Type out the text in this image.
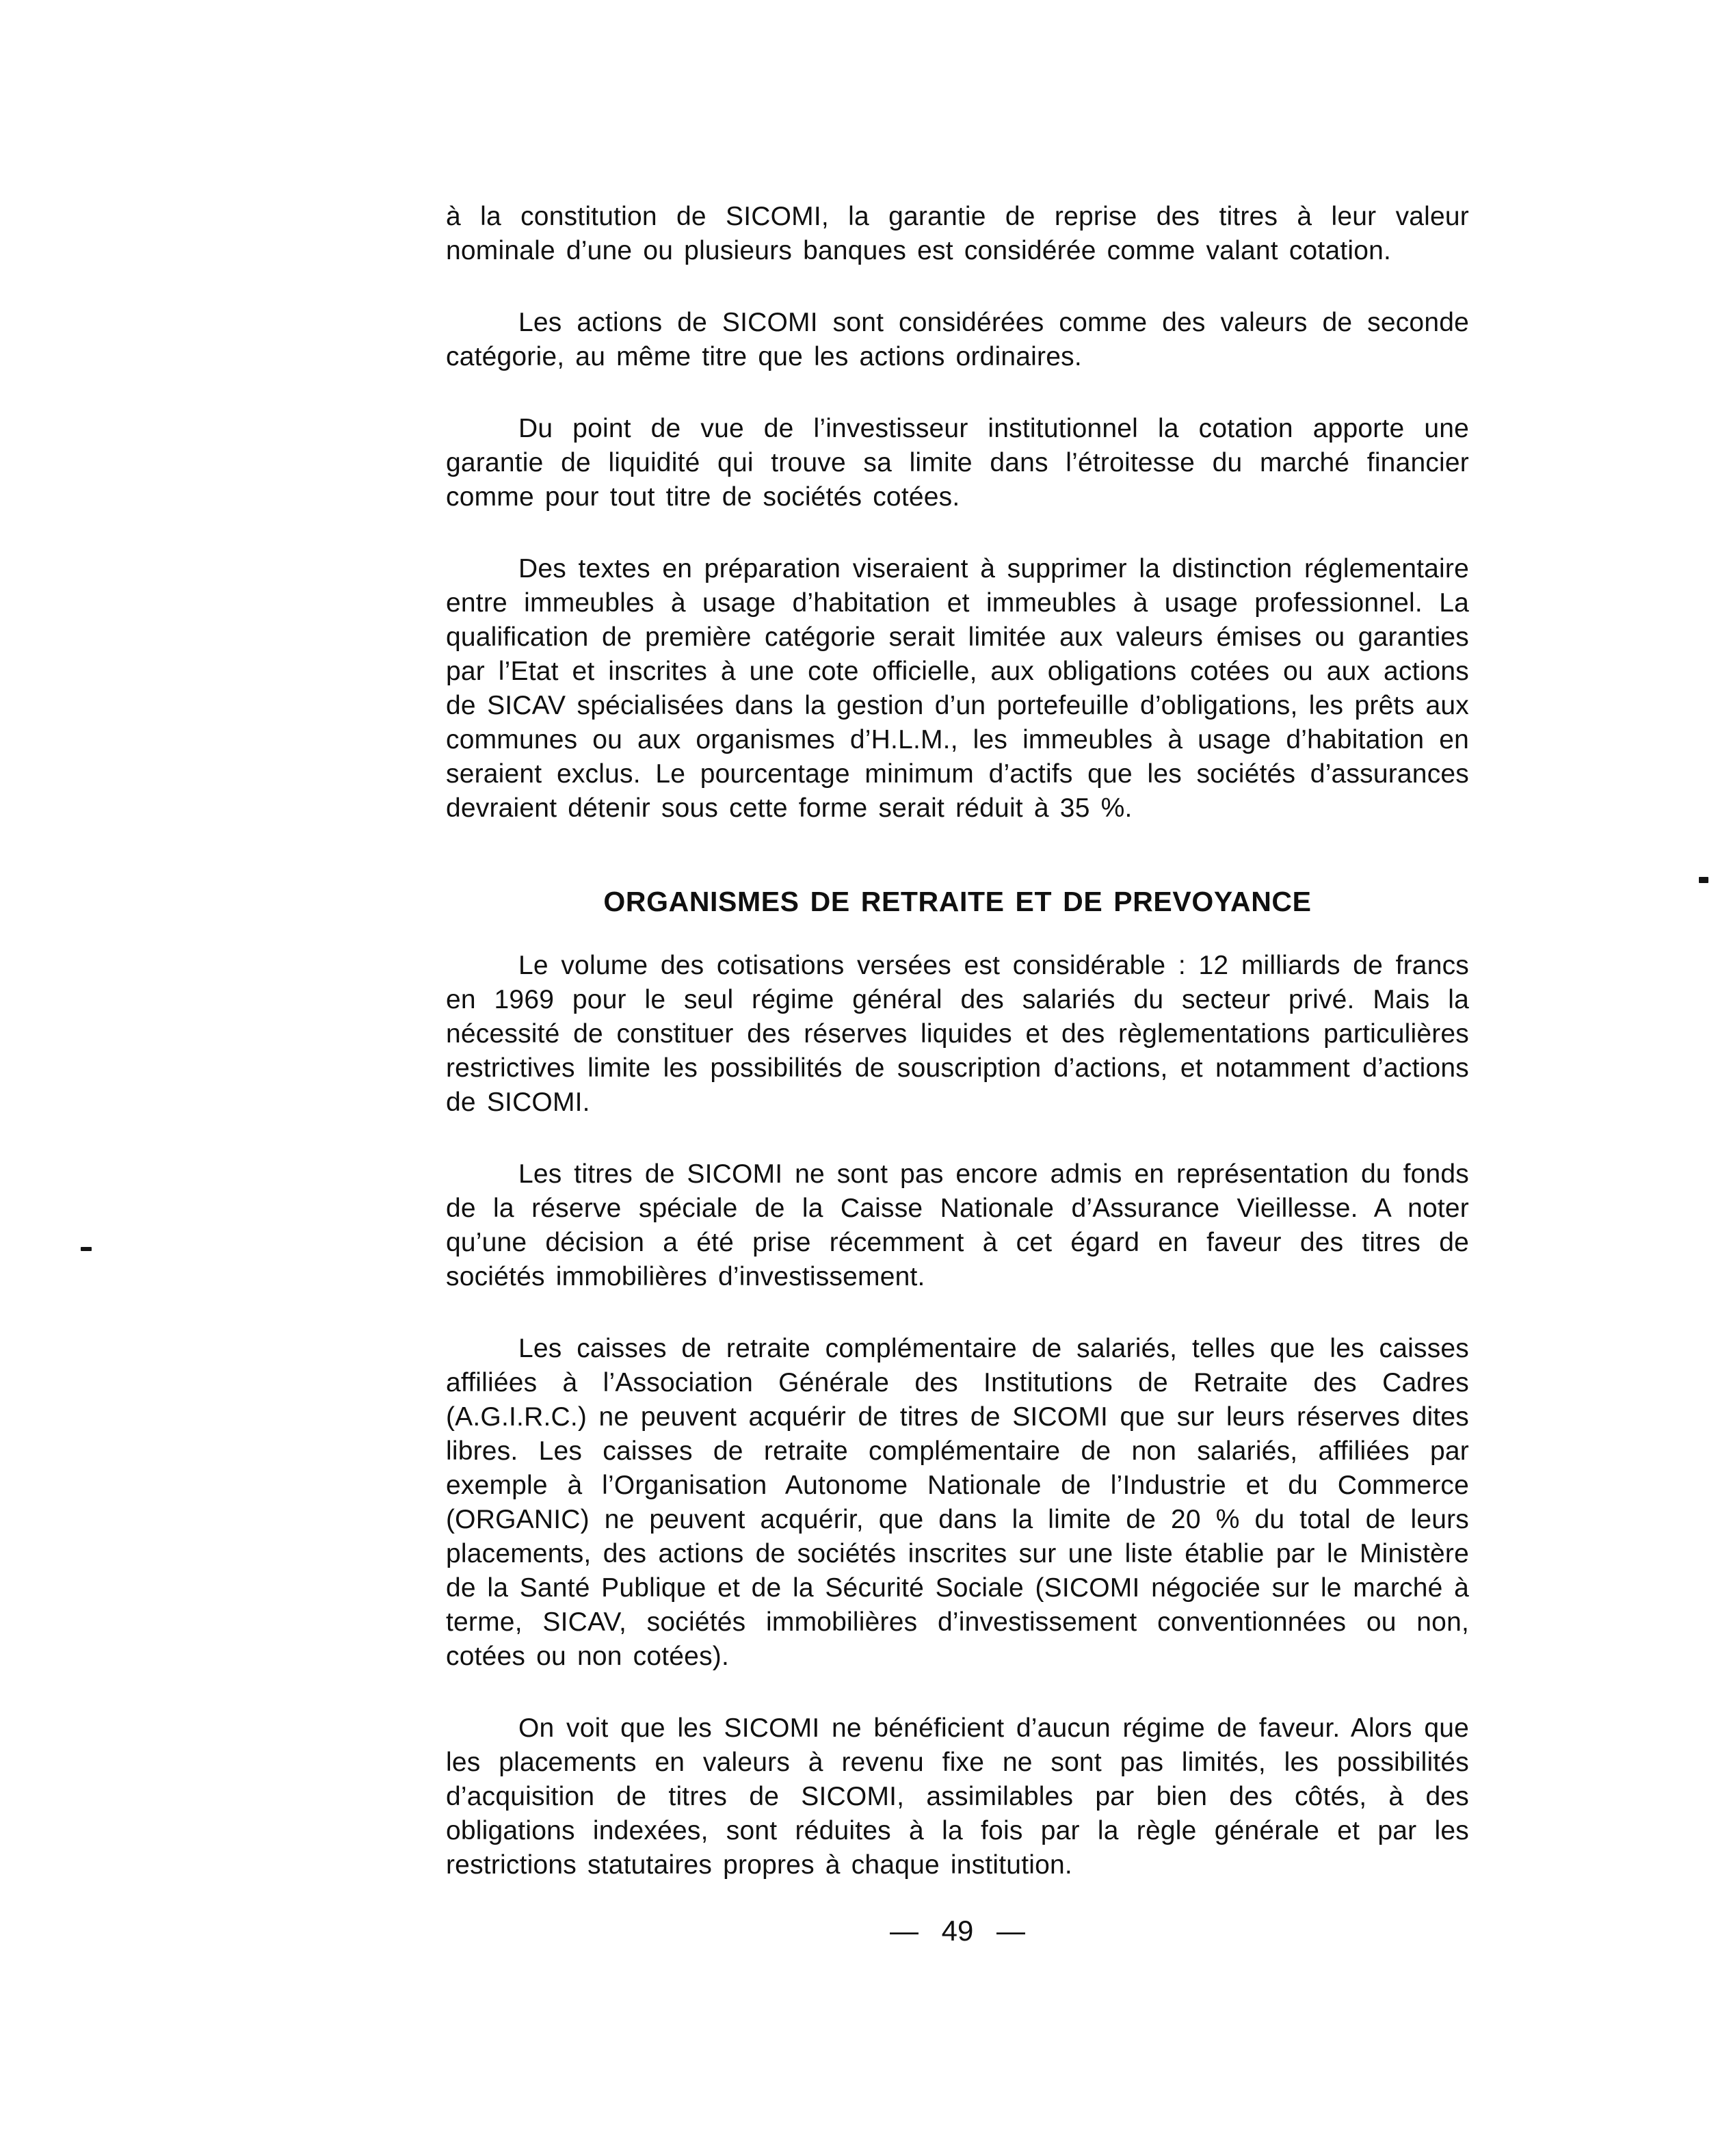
à la constitution de SICOMI, la garantie de reprise des titres à leur valeur nominale d’une ou plusieurs banques est considérée comme valant cotation.

Les actions de SICOMI sont considérées comme des valeurs de seconde catégorie, au même titre que les actions ordinaires.

Du point de vue de l’investisseur institutionnel la cotation apporte une garantie de liquidité qui trouve sa limite dans l’étroitesse du marché financier comme pour tout titre de sociétés cotées.

Des textes en préparation viseraient à supprimer la distinction réglementaire entre immeubles à usage d’habitation et immeubles à usage professionnel. La qualification de première catégorie serait limitée aux valeurs émises ou garanties par l’Etat et inscrites à une cote officielle, aux obligations cotées ou aux actions de SICAV spécialisées dans la gestion d’un portefeuille d’obligations, les prêts aux communes ou aux organismes d’H.L.M., les immeubles à usage d’habitation en seraient exclus. Le pourcentage minimum d’actifs que les sociétés d’assurances devraient détenir sous cette forme serait réduit à 35 %.

ORGANISMES DE RETRAITE ET DE PREVOYANCE

Le volume des cotisations versées est considérable : 12 milliards de francs en 1969 pour le seul régime général des salariés du secteur privé. Mais la nécessité de constituer des réserves liquides et des règlementations particulières restrictives limite les possibilités de souscription d’actions, et notamment d’actions de SICOMI.

Les titres de SICOMI ne sont pas encore admis en représentation du fonds de la réserve spéciale de la Caisse Nationale d’Assurance Vieillesse. A noter qu’une décision a été prise récemment à cet égard en faveur des titres de sociétés immobilières d’investissement.

Les caisses de retraite complémentaire de salariés, telles que les caisses affiliées à l’Association Générale des Institutions de Retraite des Cadres (A.G.I.R.C.) ne peuvent acquérir de titres de SICOMI que sur leurs réserves dites libres. Les caisses de retraite complémentaire de non salariés, affiliées par exemple à l’Organisation Autonome Nationale de l’Industrie et du Commerce (ORGANIC) ne peuvent acquérir, que dans la limite de 20 % du total de leurs placements, des actions de sociétés inscrites sur une liste établie par le Ministère de la Santé Publique et de la Sécurité Sociale (SICOMI négociée sur le marché à terme, SICAV, sociétés immobilières d’investissement conventionnées ou non, cotées ou non cotées).

On voit que les SICOMI ne bénéficient d’aucun régime de faveur. Alors que les placements en valeurs à revenu fixe ne sont pas limités, les possibilités d’acquisition de titres de SICOMI, assimilables par bien des côtés, à des obligations indexées, sont réduites à la fois par la règle générale et par les restrictions statutaires propres à chaque institution.

— 49 —
